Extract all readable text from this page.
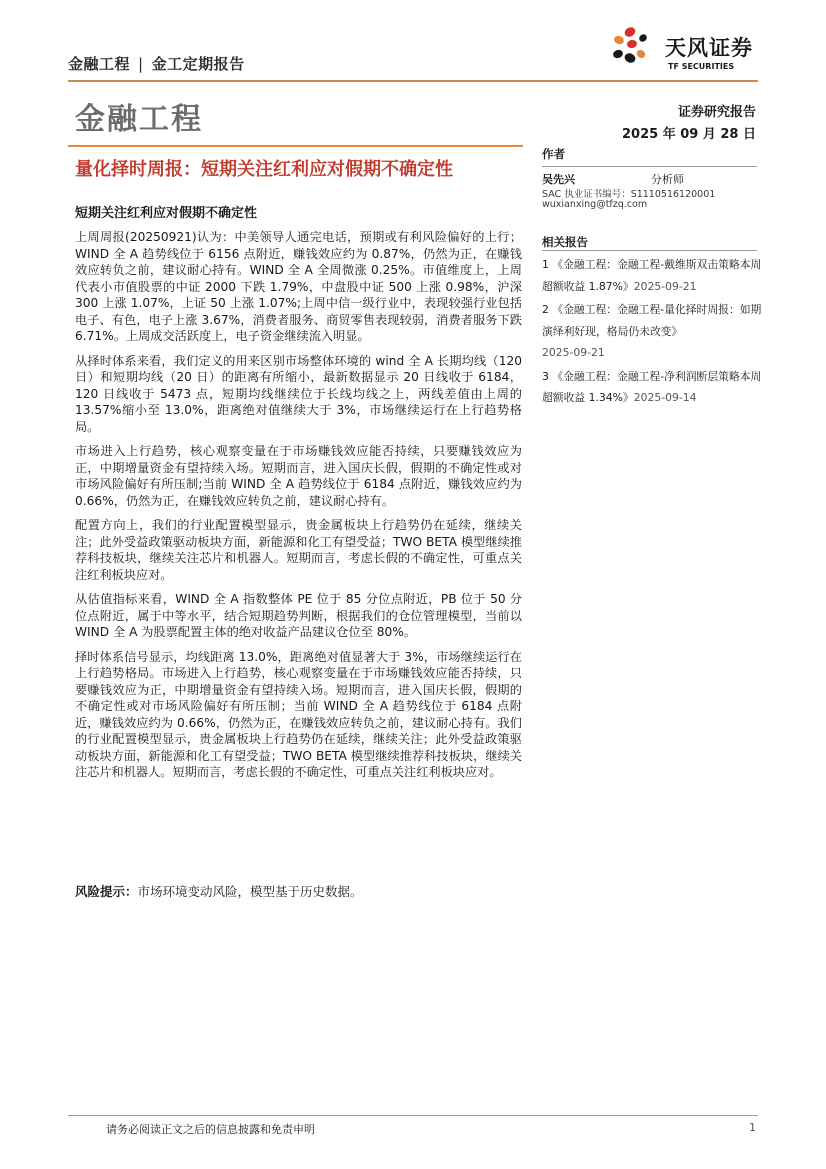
金融工程 | 金工定期报告
天风证券
TF SECURITIES
金融工程	证券研究报告
2025 年 09 月 28 日
量化择时周报：短期关注红利应对假期不确定性
短期关注红利应对假期不确定性

上周周报(20250921)认为：中美领导人通完电话，预期或有利风险偏好的上行；WIND 全 A 趋势线位于 6156 点附近，赚钱效应约为 0.87%，仍然为正，在赚钱效应转负之前，建议耐心持有。WIND 全 A 全周微涨 0.25%。市值维度上，上周代表小市值股票的中证 2000 下跌 1.79%，中盘股中证 500 上涨 0.98%，沪深 300 上涨 1.07%，上证 50 上涨 1.07%;上周中信一级行业中，表现较强行业包括电子、有色，电子上涨 3.67%，消费者服务、商贸零售表现较弱，消费者服务下跌 6.71%。上周成交活跃度上，电子资金继续流入明显。

从择时体系来看，我们定义的用来区别市场整体环境的 wind 全 A 长期均线（120 日）和短期均线（20 日）的距离有所缩小，最新数据显示 20 日线收于 6184，120 日线收于 5473 点，短期均线继续位于长线均线之上，两线差值由上周的 13.57%缩小至 13.0%，距离绝对值继续大于 3%，市场继续运行在上行趋势格局。

市场进入上行趋势，核心观察变量在于市场赚钱效应能否持续，只要赚钱效应为正，中期增量资金有望持续入场。短期而言，进入国庆长假，假期的不确定性或对市场风险偏好有所压制;当前 WIND 全 A 趋势线位于 6184 点附近，赚钱效应约为 0.66%，仍然为正，在赚钱效应转负之前，建议耐心持有。

配置方向上，我们的行业配置模型显示，贵金属板块上行趋势仍在延续，继续关注；此外受益政策驱动板块方面，新能源和化工有望受益；TWO BETA 模型继续推荐科技板块，继续关注芯片和机器人。短期而言，考虑长假的不确定性，可重点关注红利板块应对。

从估值指标来看，WIND 全 A 指数整体 PE 位于 85 分位点附近，PB 位于 50 分位点附近，属于中等水平，结合短期趋势判断，根据我们的仓位管理模型，当前以 WIND 全 A 为股票配置主体的绝对收益产品建议仓位至 80%。

择时体系信号显示，均线距离 13.0%，距离绝对值显著大于 3%，市场继续运行在上行趋势格局。市场进入上行趋势，核心观察变量在于市场赚钱效应能否持续，只要赚钱效应为正，中期增量资金有望持续入场。短期而言，进入国庆长假，假期的不确定性或对市场风险偏好有所压制；当前 WIND 全 A 趋势线位于 6184 点附近，赚钱效应约为 0.66%，仍然为正，在赚钱效应转负之前，建议耐心持有。我们的行业配置模型显示，贵金属板块上行趋势仍在延续，继续关注；此外受益政策驱动板块方面，新能源和化工有望受益；TWO BETA 模型继续推荐科技板块，继续关注芯片和机器人。短期而言，考虑长假的不确定性，可重点关注红利板块应对。

风险提示：市场环境变动风险，模型基于历史数据。
作者
吴先兴	分析师
SAC 执业证书编号：S1110516120001
wuxianxing@tfzq.com
相关报告

1 《金融工程：金融工程-戴维斯双击策略本周超额收益 1.87%》2025-09-21

2 《金融工程：金融工程-量化择时周报：如期演绎利好现，格局仍未改变》
2025-09-21

3 《金融工程：金融工程-净利润断层策略本周超额收益 1.34%》2025-09-14

请务必阅读正文之后的信息披露和免责申明	1
